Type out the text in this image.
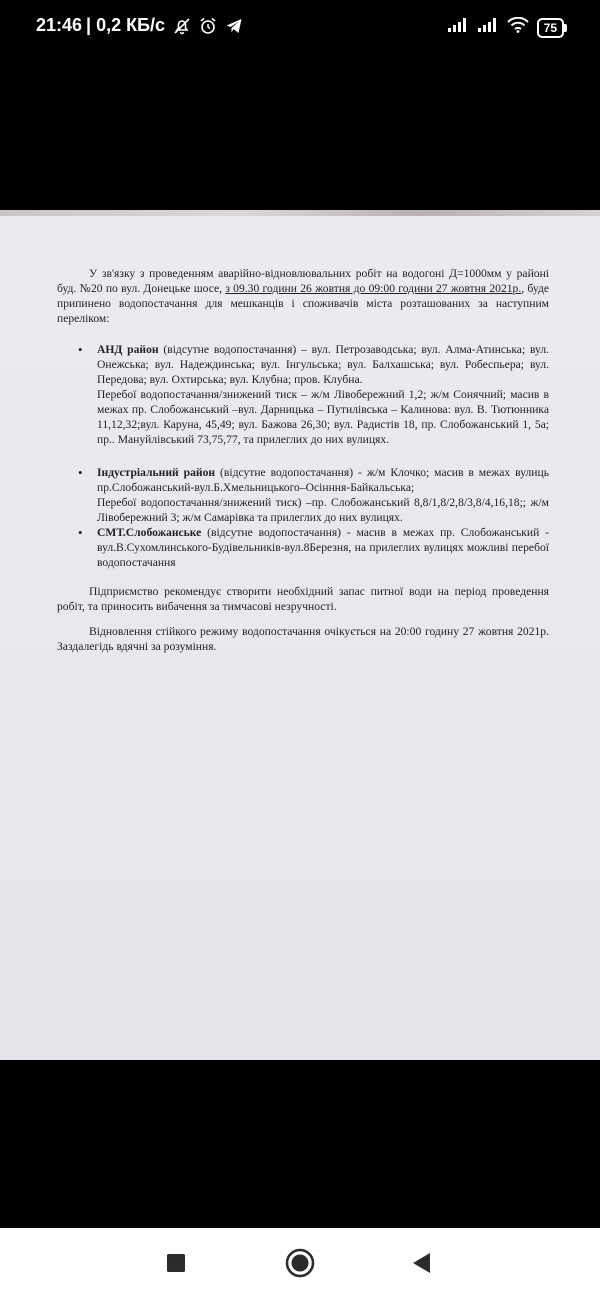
21:46 | 0,2 КБ/с	75

У зв'язку з проведенням аварійно-відновлювальних робіт на водогоні Д=1000мм у районі буд. №20 по вул. Донецьке шосе, з 09.30 години 26 жовтня до 09:00 години 27 жовтня 2021р., буде припинено водопостачання для мешканців і споживачів міста розташованих за наступним переліком:

• АНД район (відсутне водопостачання) – вул. Петрозаводська; вул. Алма-Атинська; вул. Онежська; вул. Надеждинська; вул. Інгульська; вул. Балхашська; вул. Робеспьера; вул. Передова; вул. Охтирська; вул. Клубна; пров. Клубна.

Перебої водопостачання/знижений тиск – ж/м Лівобережний 1,2; ж/м Сонячний; масив в межах пр. Слобожанський –вул. Дарницька – Путилівська – Калинова: вул. В. Тютюнника 11,12,32;вул. Каруна, 45,49; вул. Бажова 26,30; вул. Радистів 18, пр. Слобожанський 1, 5а; пр.. Мануйлівський 73,75,77, та прилеглих до них вулицях.

• Індустріальний район (відсутне водопостачання) - ж/м Клочко; масив в межах вулиць пр.Слобожанський-вул.Б.Хмельницького–Осінння-Байкальська;

Перебої водопостачання/знижений тиск) –пр. Слобожанський 8,8/1,8/2,8/3,8/4,16,18;; ж/м Лівобережний 3; ж/м Самарівка та прилеглих до них вулицях.

• СМТ.Слобожанське (відсутне водопостачання) - масив в межах пр. Слобожанський - вул.В.Сухомлинського-Будівельників-вул.8Березня, на прилеглих вулицях можливі перебої водопостачання

Підприємство рекомендує створити необхідний запас питної води на період проведення робіт, та приносить вибачення за тимчасові незручності.

Відновлення стійкого режиму водопостачання очікується на 20:00 годину 27 жовтня 2021р. Заздалегідь вдячні за розуміння.
